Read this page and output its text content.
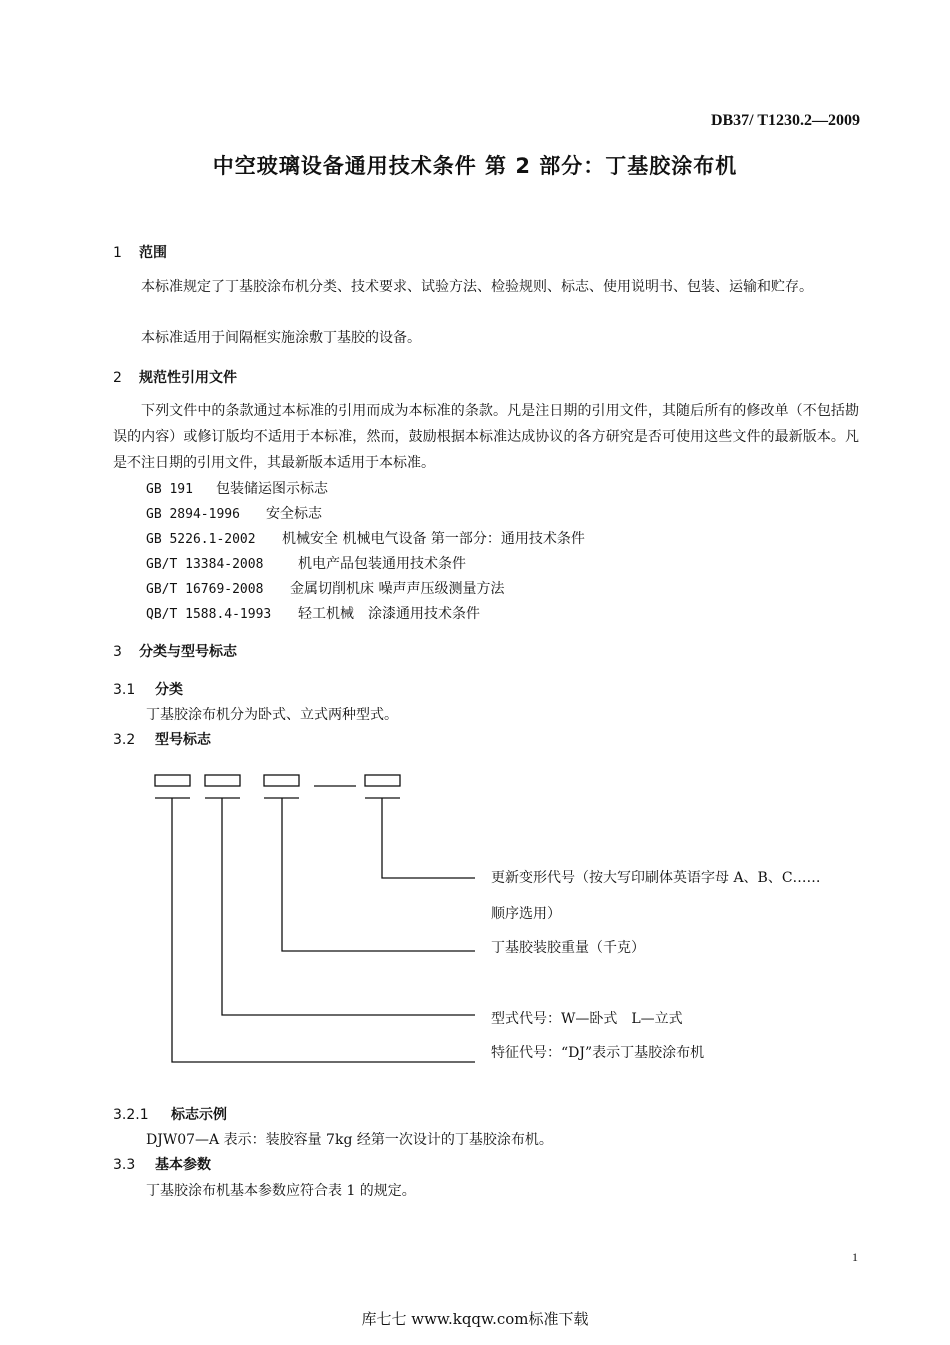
DB37/ T1230.2—2009
中空玻璃设备通用技术条件 第 2 部分：丁基胶涂布机
1 范围
本标准规定了丁基胶涂布机分类、技术要求、试验方法、检验规则、标志、使用说明书、包装、运输和贮存。
本标准适用于间隔框实施涂敷丁基胶的设备。
2 规范性引用文件
下列文件中的条款通过本标准的引用而成为本标准的条款。凡是注日期的引用文件，其随后所有的修改单（不包括勘误的内容）或修订版均不适用于本标准，然而，鼓励根据本标准达成协议的各方研究是否可使用这些文件的最新版本。凡是不注日期的引用文件，其最新版本适用于本标准。
GB 191 包装储运图示标志
GB 2894-1996 安全标志
GB 5226.1-2002 机械安全 机械电气设备 第一部分：通用技术条件
GB/T 13384-2008 机电产品包装通用技术条件
GB/T 16769-2008 金属切削机床 噪声声压级测量方法
QB/T 1588.4-1993 轻工机械　涂漆通用技术条件
3 分类与型号标志
3.1 分类
丁基胶涂布机分为卧式、立式两种型式。
3.2 型号标志
更新变形代号（按大写印刷体英语字母 A、B、C……
顺序选用）
丁基胶装胶重量（千克）
型式代号：W—卧式　L—立式
特征代号：“DJ”表示丁基胶涂布机
3.2.1 标志示例
DJW07—A 表示：装胶容量 7kg 经第一次设计的丁基胶涂布机。
3.3 基本参数
丁基胶涂布机基本参数应符合表 1 的规定。
1
库七七 www.kqqw.com标准下载
